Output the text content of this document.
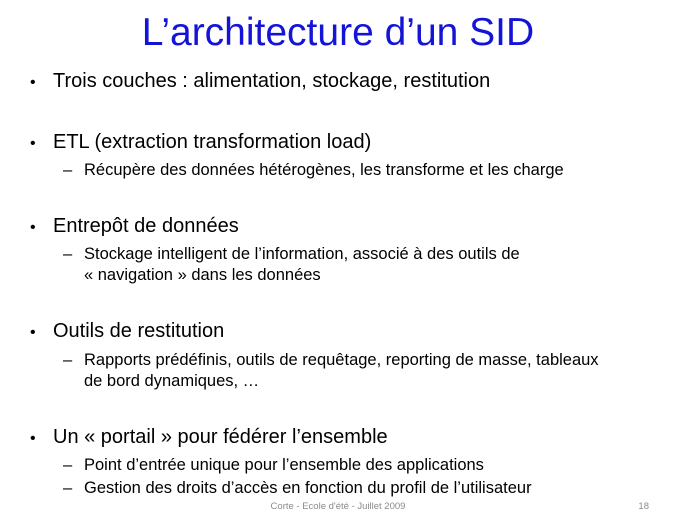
L’architecture d’un SID
• Trois couches : alimentation, stockage, restitution
• ETL (extraction transformation load)
– Récupère des données hétérogènes, les transforme et les charge
• Entrepôt de données
– Stockage intelligent de l’information, associé à des outils de
« navigation » dans les données
• Outils de restitution
– Rapports prédéfinis, outils de requêtage, reporting de masse, tableaux
de bord dynamiques, …
• Un « portail » pour fédérer l’ensemble
– Point d’entrée unique pour l’ensemble des applications
– Gestion des droits d’accès en fonction du profil de l’utilisateur
Corte - Ecole d'été - Juillet 2009	18
